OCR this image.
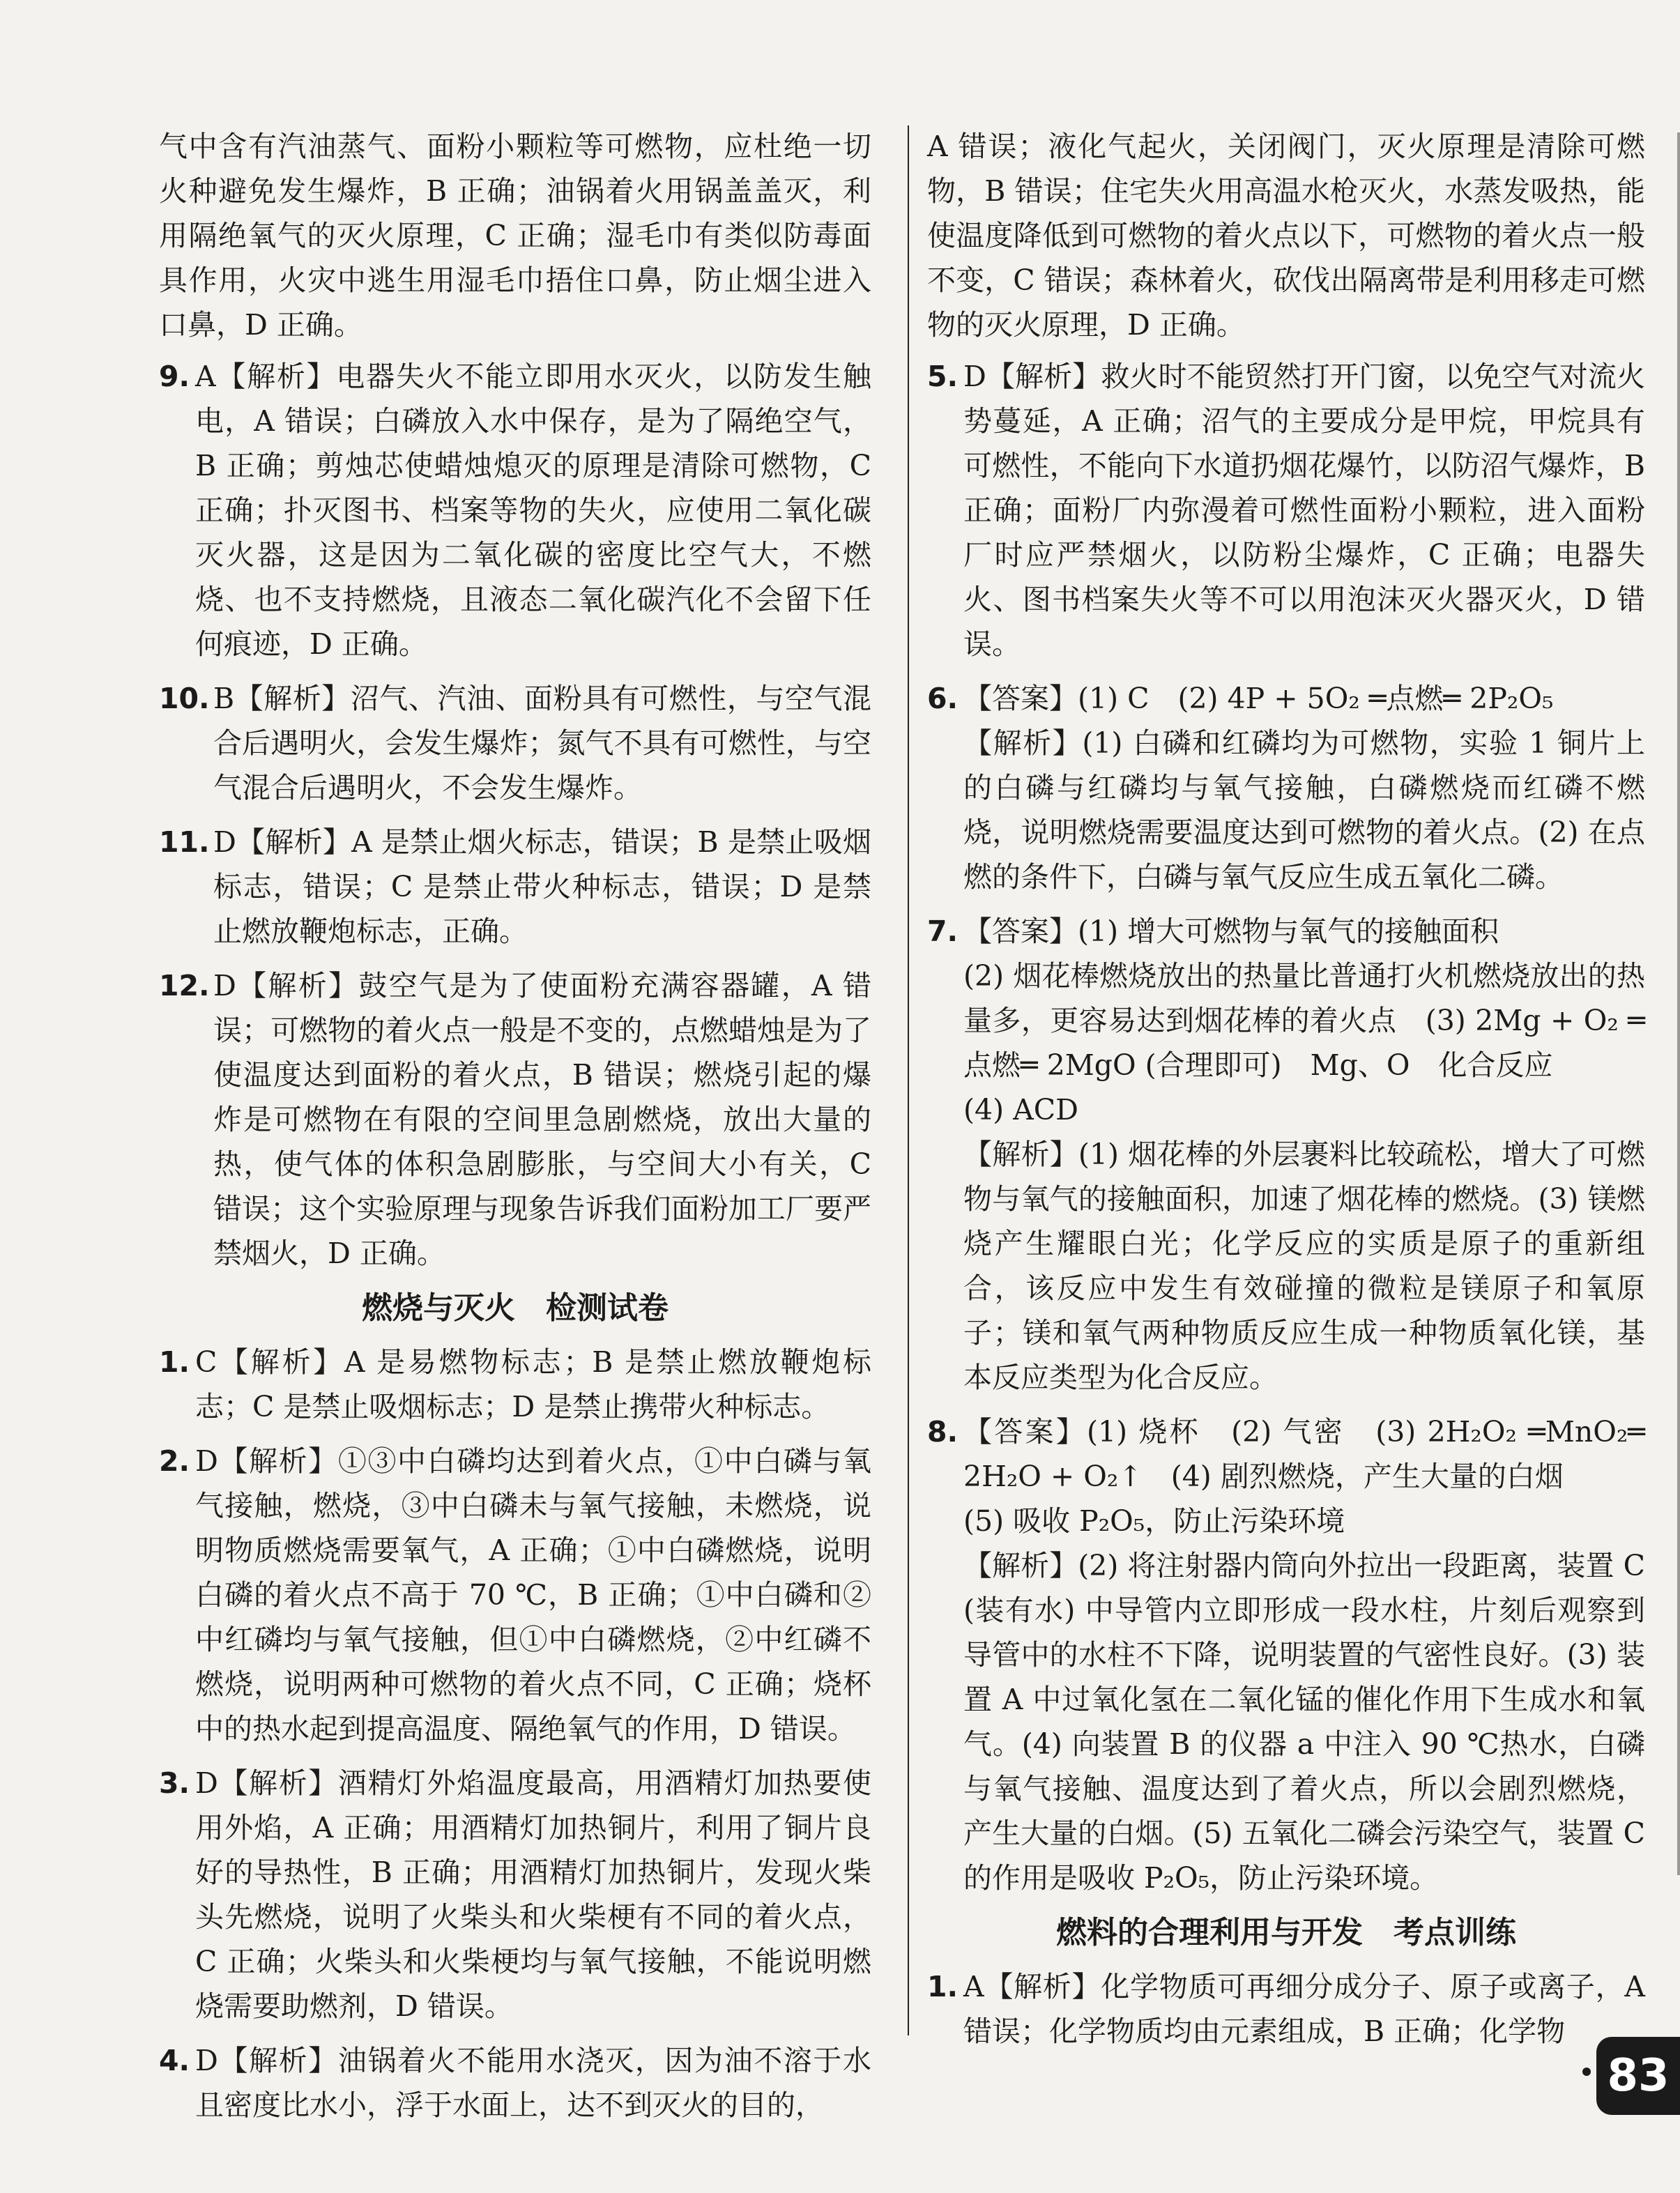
气中含有汽油蒸气、面粉小颗粒等可燃物，应杜绝一切火种避免发生爆炸，B 正确；油锅着火用锅盖盖灭，利用隔绝氧气的灭火原理，C 正确；湿毛巾有类似防毒面具作用，火灾中逃生用湿毛巾捂住口鼻，防止烟尘进入口鼻，D 正确。

9. A【解析】电器失火不能立即用水灭火，以防发生触电，A 错误；白磷放入水中保存，是为了隔绝空气，B 正确；剪烛芯使蜡烛熄灭的原理是清除可燃物，C 正确；扑灭图书、档案等物的失火，应使用二氧化碳灭火器，这是因为二氧化碳的密度比空气大，不燃烧、也不支持燃烧，且液态二氧化碳汽化不会留下任何痕迹，D 正确。
10. B【解析】沼气、汽油、面粉具有可燃性，与空气混合后遇明火，会发生爆炸；氮气不具有可燃性，与空气混合后遇明火，不会发生爆炸。
11. D【解析】A 是禁止烟火标志，错误；B 是禁止吸烟标志，错误；C 是禁止带火种标志，错误；D 是禁止燃放鞭炮标志，正确。
12. D【解析】鼓空气是为了使面粉充满容器罐，A 错误；可燃物的着火点一般是不变的，点燃蜡烛是为了使温度达到面粉的着火点，B 错误；燃烧引起的爆炸是可燃物在有限的空间里急剧燃烧，放出大量的热，使气体的体积急剧膨胀，与空间大小有关，C 错误；这个实验原理与现象告诉我们面粉加工厂要严禁烟火，D 正确。
燃烧与灭火　检测试卷
1. C【解析】A 是易燃物标志；B 是禁止燃放鞭炮标志；C 是禁止吸烟标志；D 是禁止携带火种标志。
2. D【解析】①③中白磷均达到着火点，①中白磷与氧气接触，燃烧，③中白磷未与氧气接触，未燃烧，说明物质燃烧需要氧气，A 正确；①中白磷燃烧，说明白磷的着火点不高于 70 ℃，B 正确；①中白磷和②中红磷均与氧气接触，但①中白磷燃烧，②中红磷不燃烧，说明两种可燃物的着火点不同，C 正确；烧杯中的热水起到提高温度、隔绝氧气的作用，D 错误。
3. D【解析】酒精灯外焰温度最高，用酒精灯加热要使用外焰，A 正确；用酒精灯加热铜片，利用了铜片良好的导热性，B 正确；用酒精灯加热铜片，发现火柴头先燃烧，说明了火柴头和火柴梗有不同的着火点，C 正确；火柴头和火柴梗均与氧气接触，不能说明燃烧需要助燃剂，D 错误。
4. D【解析】油锅着火不能用水浇灭，因为油不溶于水且密度比水小，浮于水面上，达不到灭火的目的，

A 错误；液化气起火，关闭阀门，灭火原理是清除可燃物，B 错误；住宅失火用高温水枪灭火，水蒸发吸热，能使温度降低到可燃物的着火点以下，可燃物的着火点一般不变，C 错误；森林着火，砍伐出隔离带是利用移走可燃物的灭火原理，D 正确。

5. D【解析】救火时不能贸然打开门窗，以免空气对流火势蔓延，A 正确；沼气的主要成分是甲烷，甲烷具有可燃性，不能向下水道扔烟花爆竹，以防沼气爆炸，B 正确；面粉厂内弥漫着可燃性面粉小颗粒，进入面粉厂时应严禁烟火，以防粉尘爆炸，C 正确；电器失火、图书档案失火等不可以用泡沫灭火器灭火，D 错误。
6. 【答案】(1) C　(2) 4P + 5O₂ ═点燃═ 2P₂O₅
【解析】(1) 白磷和红磷均为可燃物，实验 1 铜片上的白磷与红磷均与氧气接触，白磷燃烧而红磷不燃烧，说明燃烧需要温度达到可燃物的着火点。(2) 在点燃的条件下，白磷与氧气反应生成五氧化二磷。
7. 【答案】(1) 增大可燃物与氧气的接触面积
(2) 烟花棒燃烧放出的热量比普通打火机燃烧放出的热量多，更容易达到烟花棒的着火点　(3) 2Mg + O₂ ═点燃═ 2MgO (合理即可)　Mg、O　化合反应
(4) ACD
【解析】(1) 烟花棒的外层裹料比较疏松，增大了可燃物与氧气的接触面积，加速了烟花棒的燃烧。(3) 镁燃烧产生耀眼白光；化学反应的实质是原子的重新组合，该反应中发生有效碰撞的微粒是镁原子和氧原子；镁和氧气两种物质反应生成一种物质氧化镁，基本反应类型为化合反应。
8. 【答案】(1) 烧杯　(2) 气密　(3) 2H₂O₂ ═MnO₂═ 2H₂O + O₂↑　(4) 剧烈燃烧，产生大量的白烟
(5) 吸收 P₂O₅，防止污染环境
【解析】(2) 将注射器内筒向外拉出一段距离，装置 C (装有水) 中导管内立即形成一段水柱，片刻后观察到导管中的水柱不下降，说明装置的气密性良好。(3) 装置 A 中过氧化氢在二氧化锰的催化作用下生成水和氧气。(4) 向装置 B 的仪器 a 中注入 90 ℃热水，白磷与氧气接触、温度达到了着火点，所以会剧烈燃烧，产生大量的白烟。(5) 五氧化二磷会污染空气，装置 C 的作用是吸收 P₂O₅，防止污染环境。
燃料的合理利用与开发　考点训练
1. A【解析】化学物质可再细分成分子、原子或离子，A 错误；化学物质均由元素组成，B 正确；化学物
83
